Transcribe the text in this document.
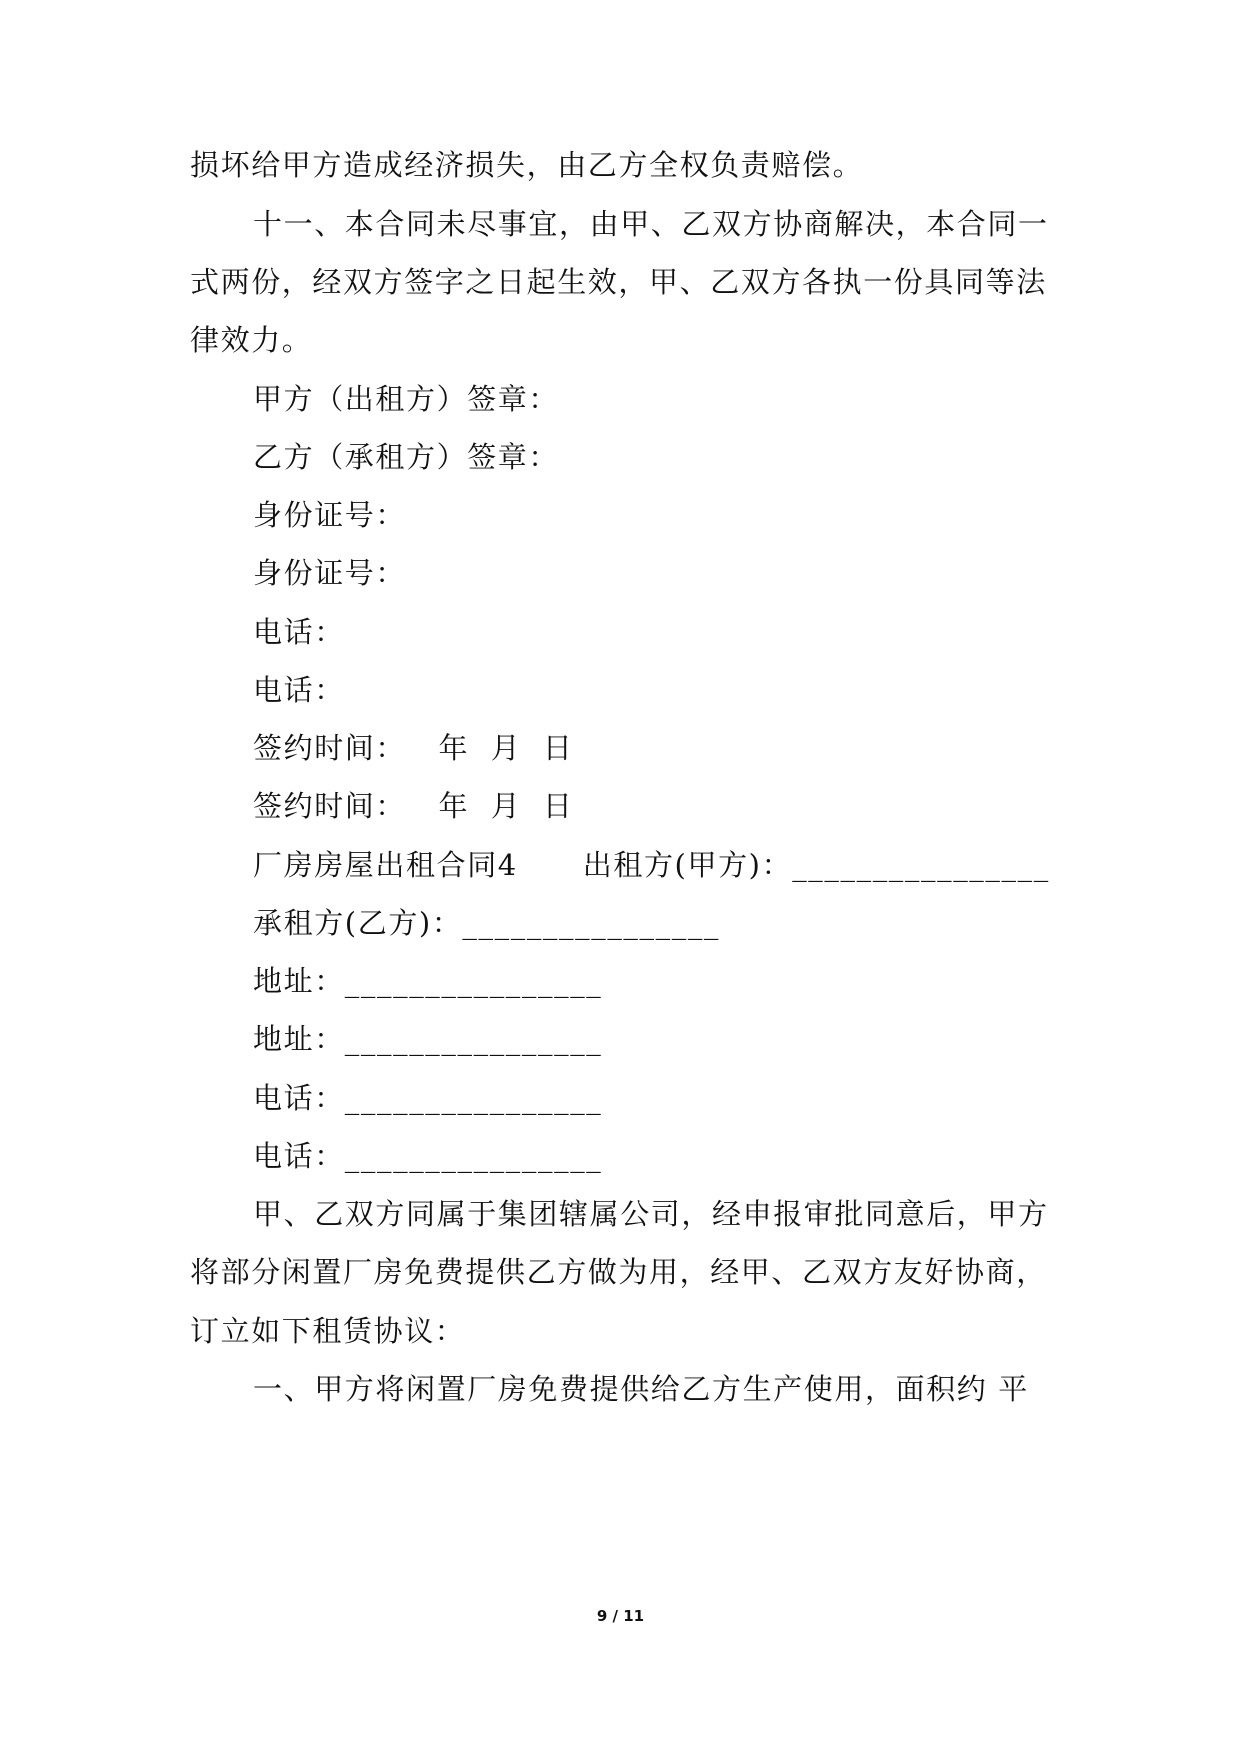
损坏给甲方造成经济损失，由乙方全权负责赔偿。
十一、本合同未尽事宜，由甲、乙双方协商解决，本合同一
式两份，经双方签字之日起生效，甲、乙双方各执一份具同等法
律效力。
甲方（出租方）签章：
乙方（承租方）签章：
身份证号：
身份证号：
电话：
电话：
签约时间：   年  月  日
签约时间：   年  月  日
厂房房屋出租合同4      出租方(甲方)：________________
承租方(乙方)：________________
地址：________________
地址：________________
电话：________________
电话：________________
甲、乙双方同属于集团辖属公司，经申报审批同意后，甲方
将部分闲置厂房免费提供乙方做为用，经甲、乙双方友好协商，
订立如下租赁协议：
一、甲方将闲置厂房免费提供给乙方生产使用，面积约 平
9 / 11
